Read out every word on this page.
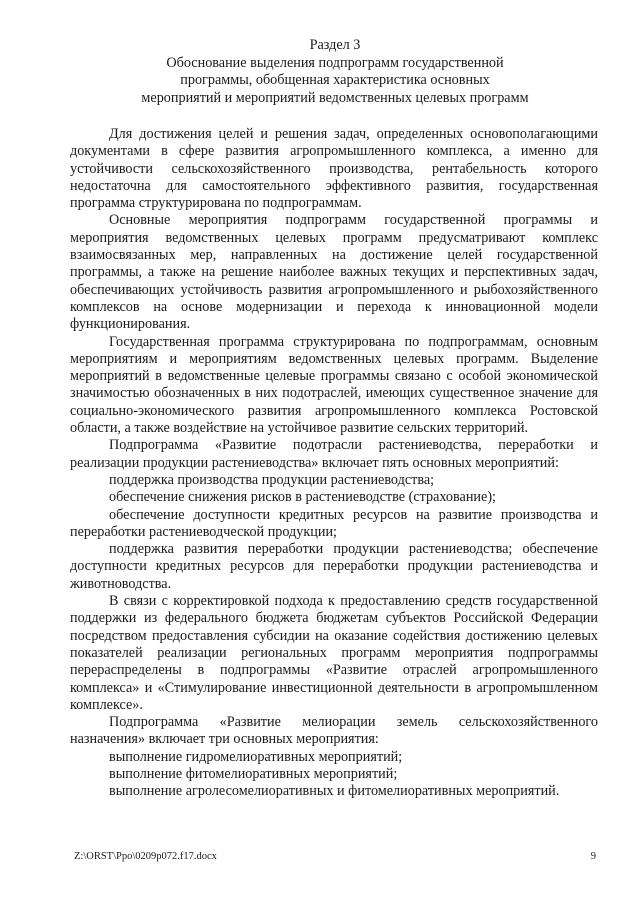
Раздел 3
Обоснование выделения подпрограмм государственной
программы, обобщенная характеристика основных
мероприятий и мероприятий ведомственных целевых программ

Для достижения целей и решения задач, определенных основополагающими документами в сфере развития агропромышленного комплекса, а именно для устойчивости сельскохозяйственного производства, рентабельность которого недостаточна для самостоятельного эффективного развития, государственная программа структурирована по подпрограммам.

Основные мероприятия подпрограмм государственной программы и мероприятия ведомственных целевых программ предусматривают комплекс взаимосвязанных мер, направленных на достижение целей государственной программы, а также на решение наиболее важных текущих и перспективных задач, обеспечивающих устойчивость развития агропромышленного и рыбохозяйственного комплексов на основе модернизации и перехода к инновационной модели функционирования.

Государственная программа структурирована по подпрограммам, основным мероприятиям и мероприятиям ведомственных целевых программ. Выделение мероприятий в ведомственные целевые программы связано с особой экономической значимостью обозначенных в них подотраслей, имеющих существенное значение для социально-экономического развития агропромышленного комплекса Ростовской области, а также воздействие на устойчивое развитие сельских территорий.

Подпрограмма «Развитие подотрасли растениеводства, переработки и реализации продукции растениеводства» включает пять основных мероприятий:

поддержка производства продукции растениеводства;

обеспечение снижения рисков в растениеводстве (страхование);

обеспечение доступности кредитных ресурсов на развитие производства и переработки растениеводческой продукции;

поддержка развития переработки продукции растениеводства; обеспечение доступности кредитных ресурсов для переработки продукции растениеводства и животноводства.

В связи с корректировкой подхода к предоставлению средств государственной поддержки из федерального бюджета бюджетам субъектов Российской Федерации посредством предоставления субсидии на оказание содействия достижению целевых показателей реализации региональных программ мероприятия подпрограммы перераспределены в подпрограммы «Развитие отраслей агропромышленного комплекса» и «Стимулирование инвестиционной деятельности в агропромышленном комплексе».

Подпрограмма «Развитие мелиорации земель сельскохозяйственного назначения» включает три основных мероприятия:

выполнение гидромелиоративных мероприятий;

выполнение фитомелиоративных мероприятий;

выполнение агролесомелиоративных и фитомелиоративных мероприятий.

Z:\ORST\Ppo\0209p072.f17.docx	9
